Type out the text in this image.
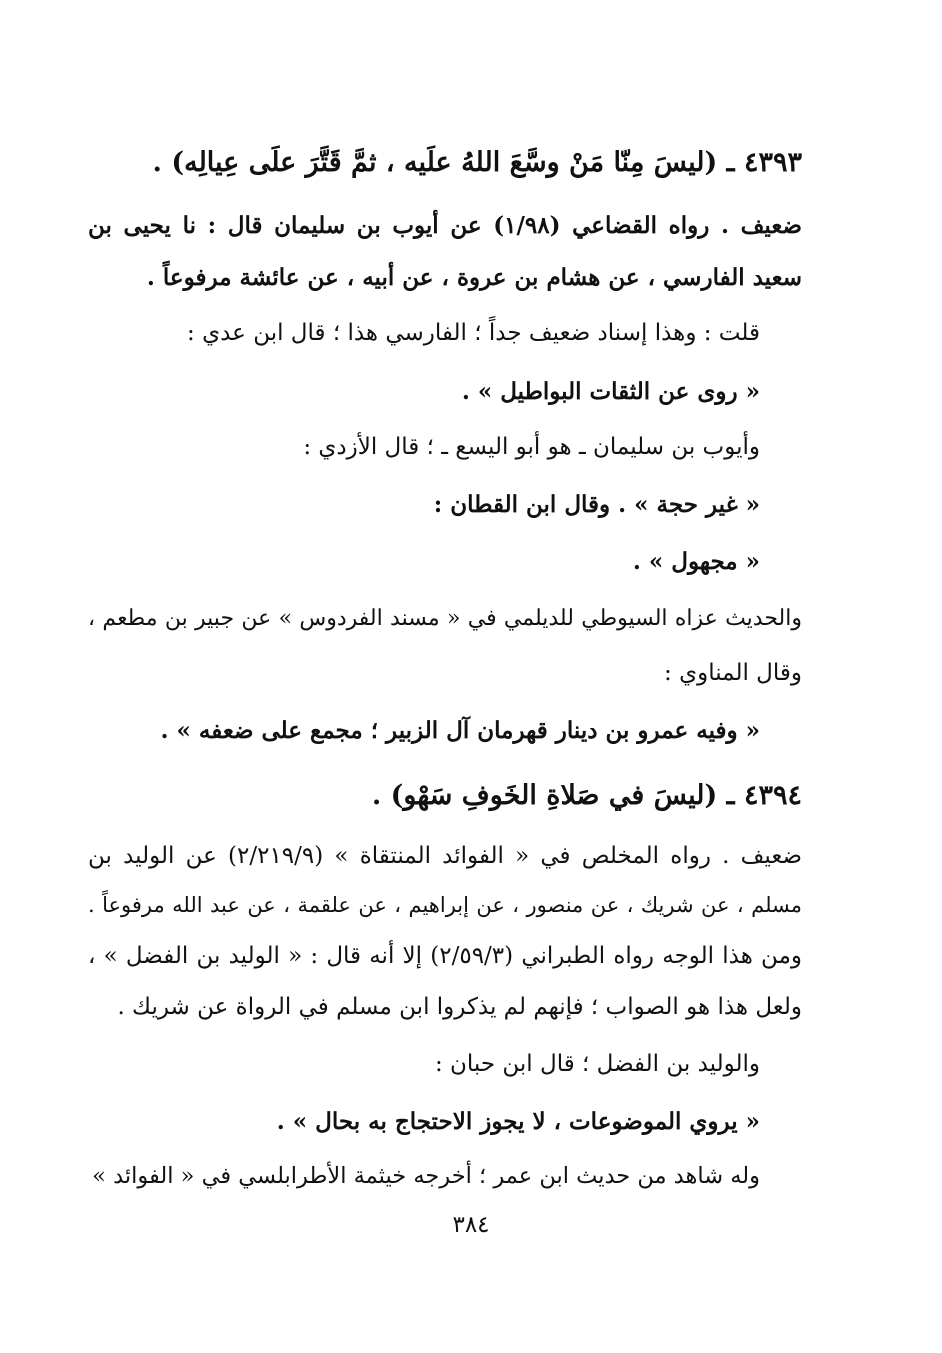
٤٣٩٣ ـ (ليسَ مِنّا مَنْ وسَّعَ اللهُ علَيه ، ثمَّ قَتَّرَ علَى عِيالِه) .
ضعيف . رواه القضاعي (١/٩٨) عن أيوب بن سليمان قال : نا يحيى بن
سعيد الفارسي ، عن هشام بن عروة ، عن أبيه ، عن عائشة مرفوعاً .
قلت : وهذا إسناد ضعيف جداً ؛ الفارسي هذا ؛ قال ابن عدي :
« روى عن الثقات البواطيل » .
وأيوب بن سليمان ـ هو أبو اليسع ـ ؛ قال الأزدي :
« غير حجة » . وقال ابن القطان :
« مجهول » .
والحديث عزاه السيوطي للديلمي في « مسند الفردوس » عن جبير بن مطعم ،
وقال المناوي :
« وفيه عمرو بن دينار قهرمان آل الزبير ؛ مجمع على ضعفه » .
٤٣٩٤ ـ (ليسَ في صَلاةِ الخَوفِ سَهْو) .
ضعيف . رواه المخلص في « الفوائد المنتقاة » (٢/٢١٩/٩) عن الوليد بن
مسلم ، عن شريك ، عن منصور ، عن إبراهيم ، عن علقمة ، عن عبد الله مرفوعاً .
ومن هذا الوجه رواه الطبراني (٢/٥٩/٣) إلا أنه قال : « الوليد بن الفضل » ،
ولعل هذا هو الصواب ؛ فإنهم لم يذكروا ابن مسلم في الرواة عن شريك .
والوليد بن الفضل ؛ قال ابن حبان :
« يروي الموضوعات ، لا يجوز الاحتجاج به بحال » .
وله شاهد من حديث ابن عمر ؛ أخرجه خيثمة الأطرابلسي في « الفوائد »
٣٨٤
